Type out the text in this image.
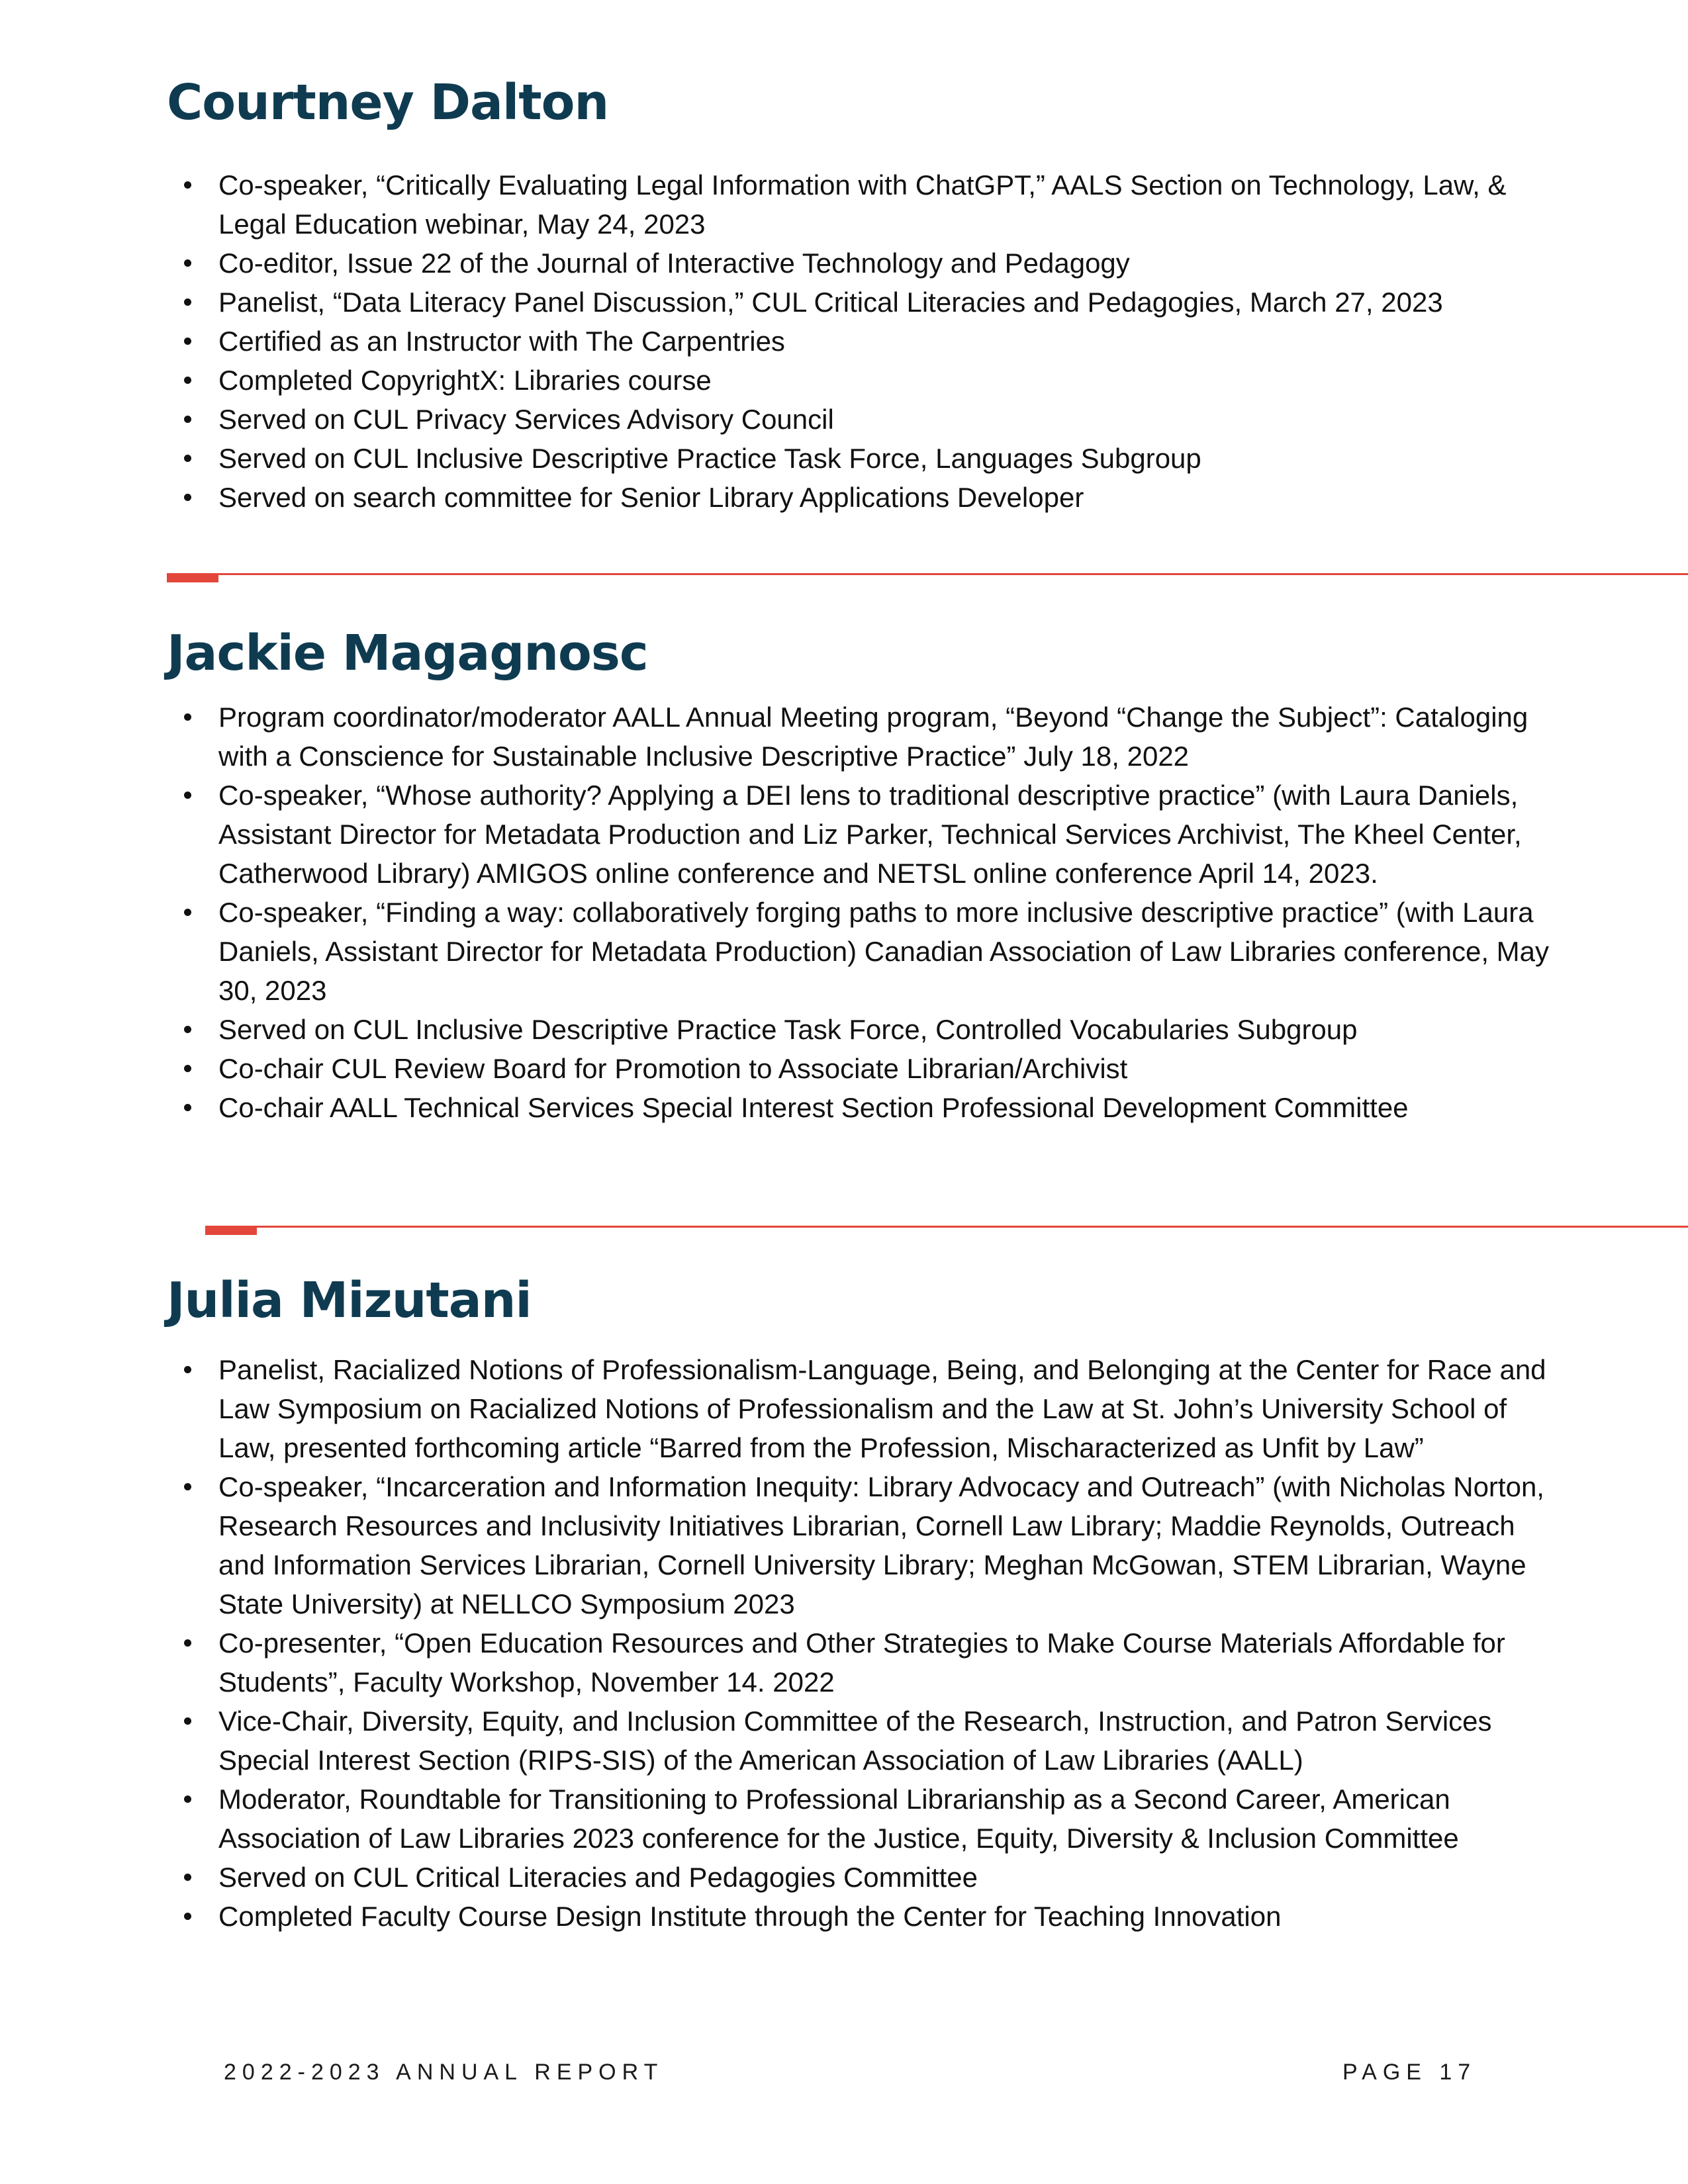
Courtney Dalton
Co-speaker, “Critically Evaluating Legal Information with ChatGPT,” AALS Section on Technology, Law, & Legal Education webinar, May 24, 2023
Co-editor, Issue 22 of the Journal of Interactive Technology and Pedagogy
Panelist, “Data Literacy Panel Discussion,” CUL Critical Literacies and Pedagogies, March 27, 2023
Certified as an Instructor with The Carpentries
Completed CopyrightX: Libraries course
Served on CUL Privacy Services Advisory Council
Served on CUL Inclusive Descriptive Practice Task Force, Languages Subgroup
Served on search committee for Senior Library Applications Developer
Jackie Magagnosc
Program coordinator/moderator AALL Annual Meeting program, “Beyond “Change the Subject”: Cataloging with a Conscience for Sustainable Inclusive Descriptive Practice” July 18, 2022
Co-speaker, “Whose authority? Applying a DEI lens to traditional descriptive practice” (with Laura Daniels, Assistant Director for Metadata Production and Liz Parker, Technical Services Archivist, The Kheel Center, Catherwood Library) AMIGOS online conference and NETSL online conference April 14, 2023.
Co-speaker, “Finding a way: collaboratively forging paths to more inclusive descriptive practice” (with Laura Daniels, Assistant Director for Metadata Production) Canadian Association of Law Libraries conference, May 30, 2023
Served on CUL Inclusive Descriptive Practice Task Force, Controlled Vocabularies Subgroup
Co-chair CUL Review Board for Promotion to Associate Librarian/Archivist
Co-chair AALL Technical Services Special Interest Section Professional Development Committee
Julia Mizutani
Panelist, Racialized Notions of Professionalism-Language, Being, and Belonging at the Center for Race and Law Symposium on Racialized Notions of Professionalism and the Law at St. John’s University School of Law, presented forthcoming article “Barred from the Profession, Mischaracterized as Unfit by Law”
Co-speaker, “Incarceration and Information Inequity: Library Advocacy and Outreach” (with Nicholas Norton, Research Resources and Inclusivity Initiatives Librarian, Cornell Law Library; Maddie Reynolds, Outreach and Information Services Librarian, Cornell University Library; Meghan McGowan, STEM Librarian, Wayne State University) at NELLCO Symposium 2023
Co-presenter, “Open Education Resources and Other Strategies to Make Course Materials Affordable for Students”, Faculty Workshop, November 14. 2022
Vice-Chair, Diversity, Equity, and Inclusion Committee of the Research, Instruction, and Patron Services Special Interest Section (RIPS-SIS) of the American Association of Law Libraries (AALL)
Moderator, Roundtable for Transitioning to Professional Librarianship as a Second Career, American Association of Law Libraries 2023 conference for the Justice, Equity, Diversity & Inclusion Committee
Served on CUL Critical Literacies and Pedagogies Committee
Completed Faculty Course Design Institute through the Center for Teaching Innovation
2022-2023 ANNUAL REPORT	PAGE 17
